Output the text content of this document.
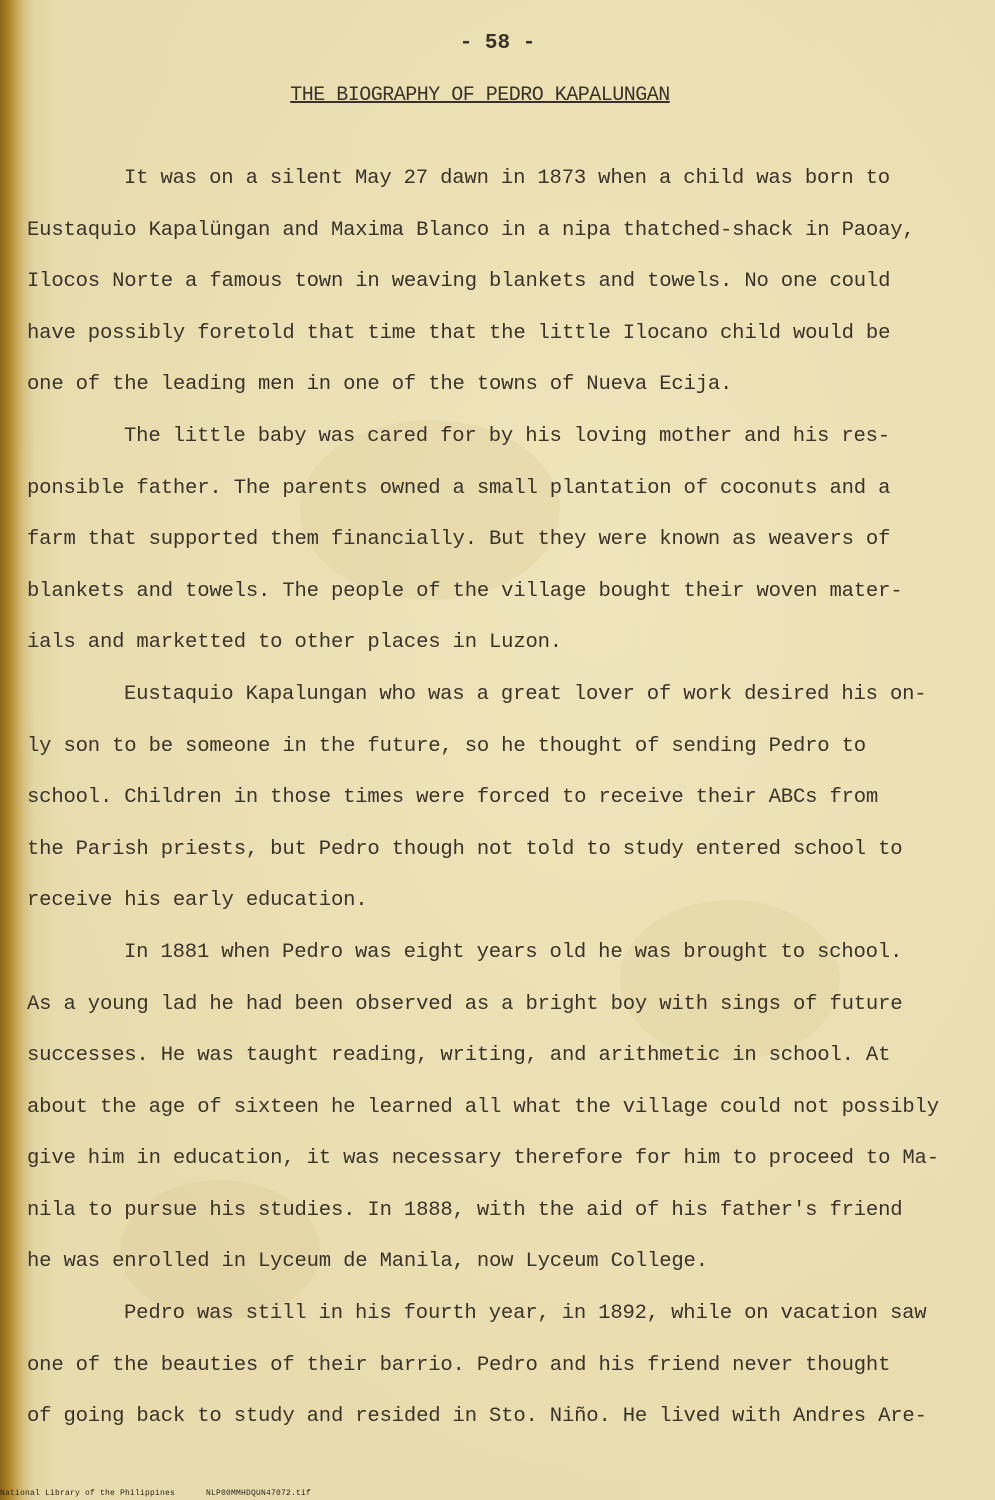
- 58 -
THE BIOGRAPHY OF PEDRO KAPALUNGAN
It was on a silent May 27 dawn in 1873 when a child was born to
Eustaquio Kapalüngan and Maxima Blanco in a nipa thatched-shack in Paoay,
Ilocos Norte a famous town in weaving blankets and towels. No one could
have possibly foretold that time that the little Ilocano child would be
one of the leading men in one of the towns of Nueva Ecija.
The little baby was cared for by his loving mother and his res-
ponsible father. The parents owned a small plantation of coconuts and a
farm that supported them financially. But they were known as weavers of
blankets and towels. The people of the village bought their woven mater-
ials and marketted to other places in Luzon.
Eustaquio Kapalungan who was a great lover of work desired his on-
ly son to be someone in the future, so he thought of sending Pedro to
school. Children in those times were forced to receive their ABCs from
the Parish priests, but Pedro though not told to study entered school to
receive his early education.
In 1881 when Pedro was eight years old he was brought to school.
As a young lad he had been observed as a bright boy with sings of future
successes. He was taught reading, writing, and arithmetic in school. At
about the age of sixteen he learned all what the village could not possibly
give him in education, it was necessary therefore for him to proceed to Ma-
nila to pursue his studies. In 1888, with the aid of his father's friend
he was enrolled in Lyceum de Manila, now Lyceum College.
Pedro was still in his fourth year, in 1892, while on vacation saw
one of the beauties of their barrio. Pedro and his friend never thought
of going back to study and resided in Sto. Niño. He lived with Andres Are-
National Library of the Philippines	NLP00MMHDQUN47072.tif
